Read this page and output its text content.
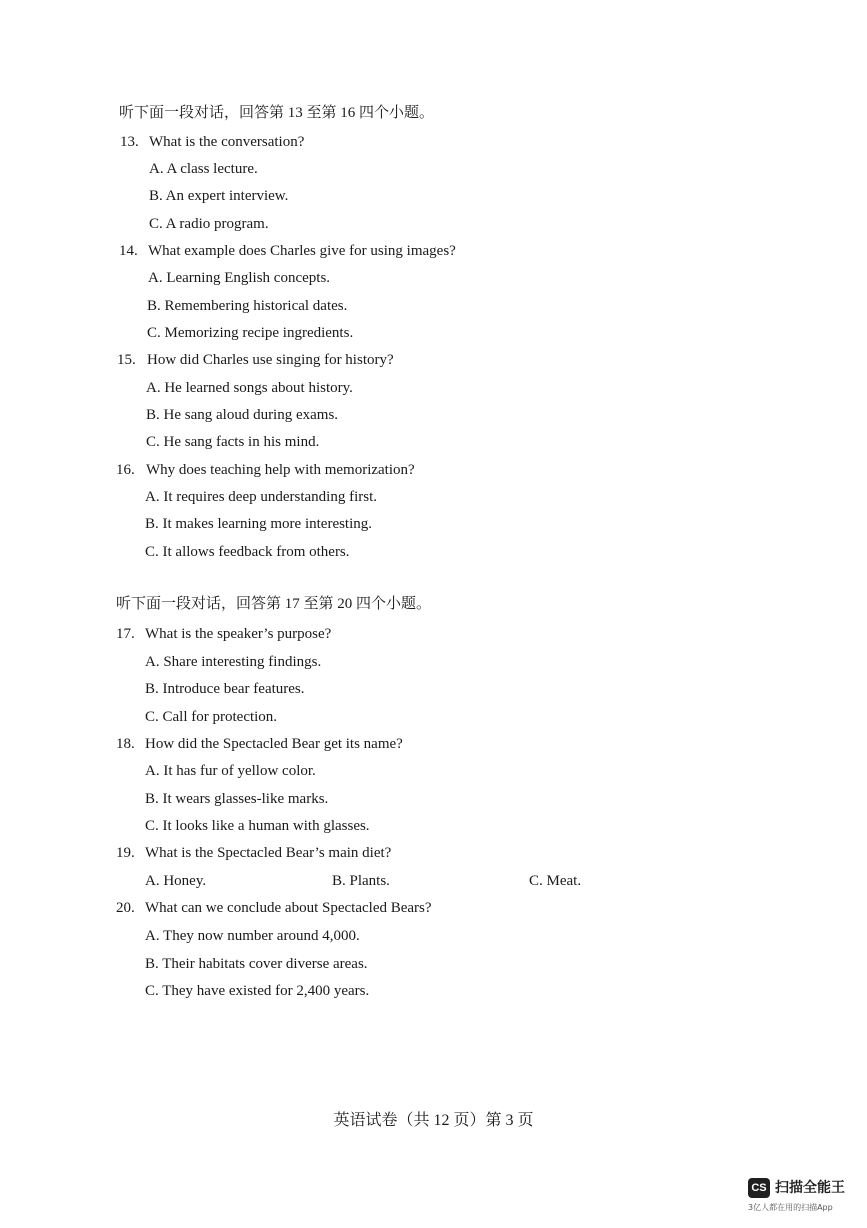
听下面一段对话，回答第 13 至第 16 四个小题。
13. What is the conversation?
A. A class lecture.
B. An expert interview.
C. A radio program.
14. What example does Charles give for using images?
A. Learning English concepts.
B. Remembering historical dates.
C. Memorizing recipe ingredients.
15. How did Charles use singing for history?
A. He learned songs about history.
B. He sang aloud during exams.
C. He sang facts in his mind.
16. Why does teaching help with memorization?
A. It requires deep understanding first.
B. It makes learning more interesting.
C. It allows feedback from others.
听下面一段对话，回答第 17 至第 20 四个小题。
17. What is the speaker’s purpose?
A. Share interesting findings.
B. Introduce bear features.
C. Call for protection.
18. How did the Spectacled Bear get its name?
A. It has fur of yellow color.
B. It wears glasses-like marks.
C. It looks like a human with glasses.
19. What is the Spectacled Bear’s main diet?
A. Honey.	B. Plants.	C. Meat.
20. What can we conclude about Spectacled Bears?
A. They now number around 4,000.
B. Their habitats cover diverse areas.
C. They have existed for 2,400 years.
英语试卷（共 12 页）第 3 页
CS 扫描全能王
3亿人都在用的扫描App
